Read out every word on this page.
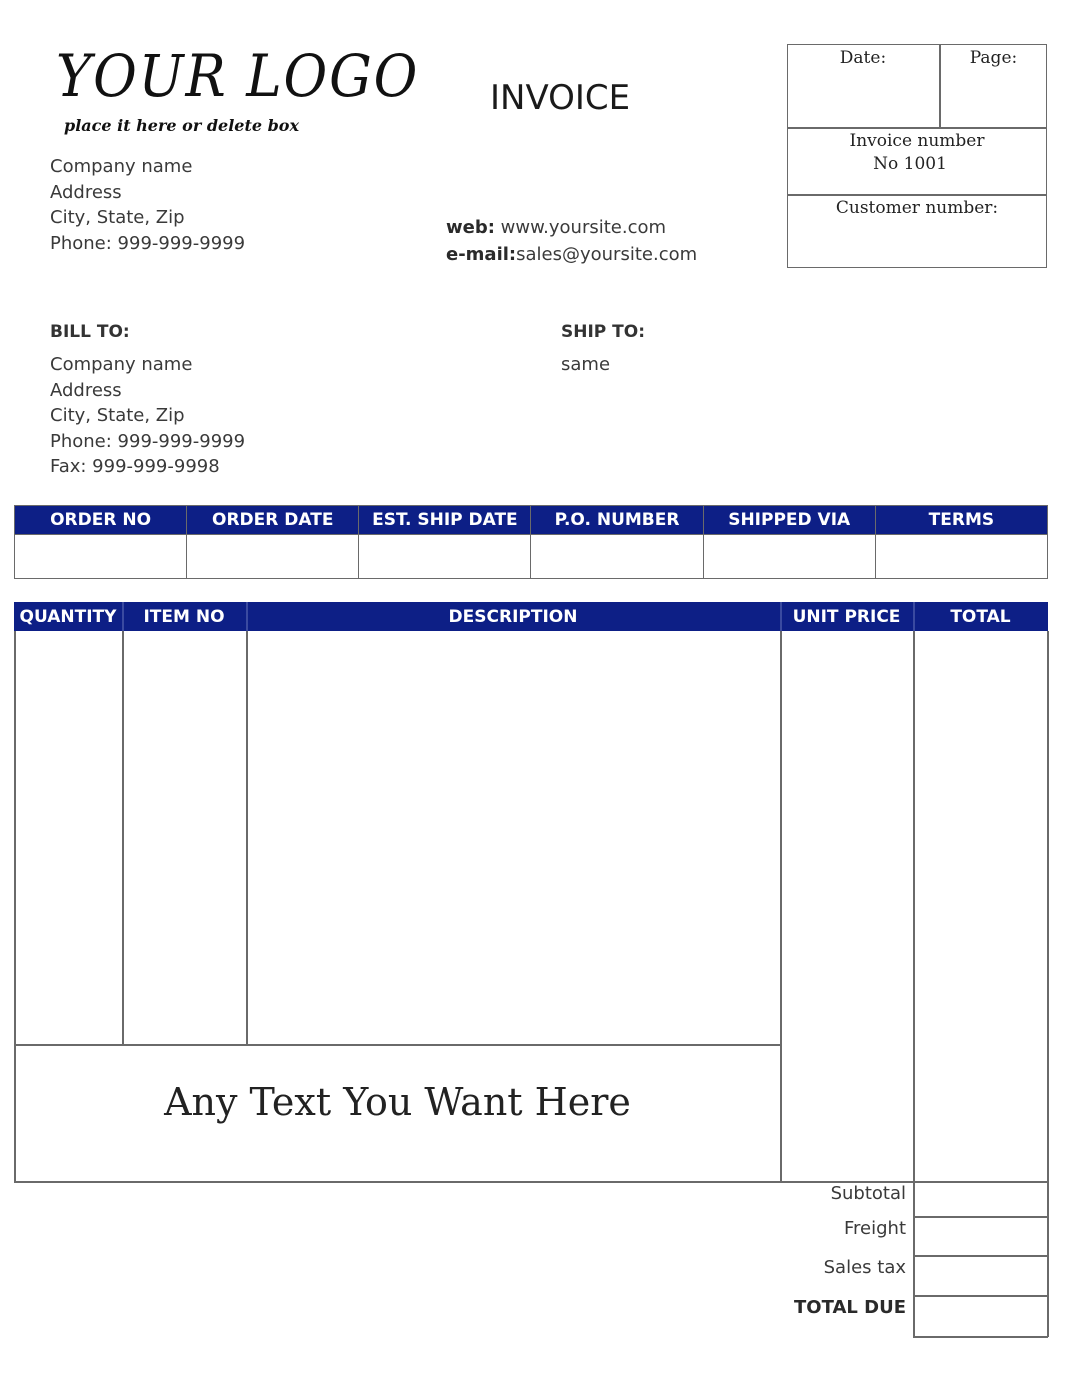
YOUR LOGO
place it here or delete box
Company name
Address
City, State, Zip
Phone: 999-999-9999
INVOICE
web: www.yoursite.com
e-mail:sales@yoursite.com
Date:	Page:
Invoice number
No 1001
Customer number:
BILL TO:
Company name
Address
City, State, Zip
Phone: 999-999-9999
Fax: 999-999-9998
SHIP TO:
same
ORDER NO	ORDER DATE	EST. SHIP DATE	P.O. NUMBER	SHIPPED VIA	TERMS

QUANTITY	ITEM NO	DESCRIPTION	UNIT PRICE	TOTAL
Any Text You Want Here
Subtotal
Freight
Sales tax
TOTAL DUE
